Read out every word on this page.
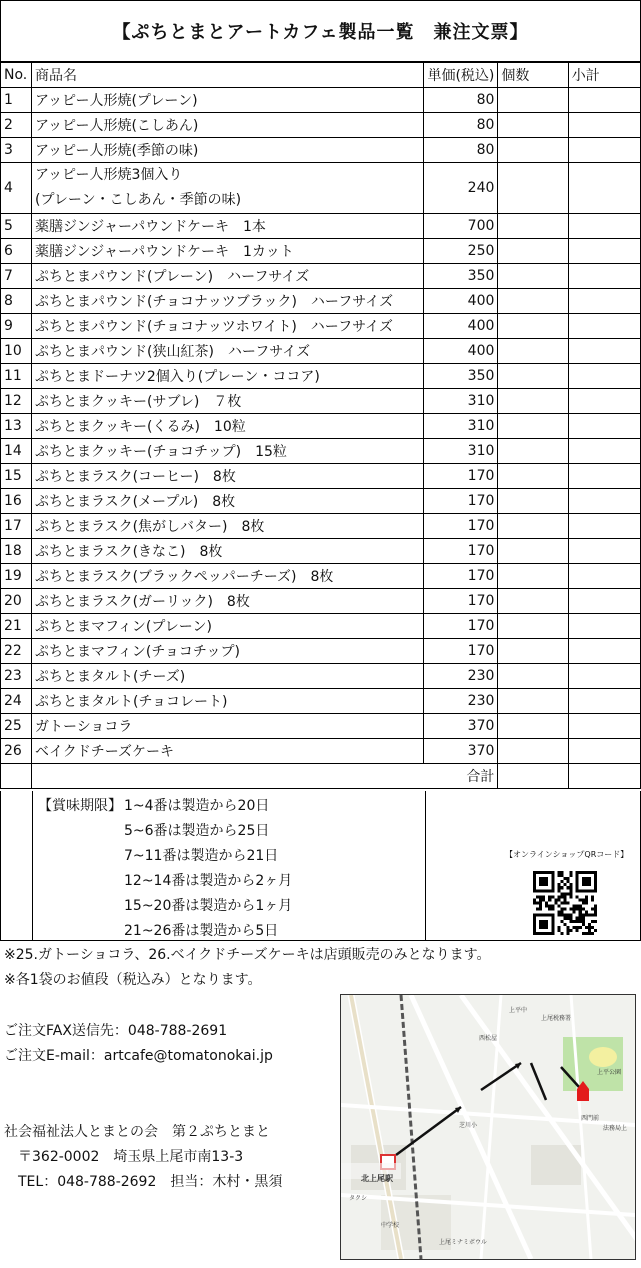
【ぷちとまとアートカフェ製品一覧　兼注文票】
No.	商品名	単価(税込)	個数	小計
1	アッピー人形焼(プレーン)	80		
2	アッピー人形焼(こしあん)	80		
3	アッピー人形焼(季節の味)	80		
4	アッピー人形焼3個入り
(プレーン・こしあん・季節の味)	240		
5	薬膳ジンジャーパウンドケーキ　1本	700		
6	薬膳ジンジャーパウンドケーキ　1カット	250		
7	ぷちとまパウンド(プレーン)　ハーフサイズ	350		
8	ぷちとまパウンド(チョコナッツブラック)　ハーフサイズ	400		
9	ぷちとまパウンド(チョコナッツホワイト)　ハーフサイズ	400		
10	ぷちとまパウンド(狭山紅茶)　ハーフサイズ	400		
11	ぷちとまドーナツ2個入り(プレーン・ココア)	350		
12	ぷちとまクッキー(サブレ)　７枚	310		
13	ぷちとまクッキー(くるみ)　10粒	310		
14	ぷちとまクッキー(チョコチップ)　15粒	310		
15	ぷちとまラスク(コーヒー)　8枚	170		
16	ぷちとまラスク(メープル)　8枚	170		
17	ぷちとまラスク(焦がしバター)　8枚	170		
18	ぷちとまラスク(きなこ)　8枚	170		
19	ぷちとまラスク(ブラックペッパーチーズ)　8枚	170		
20	ぷちとまラスク(ガーリック)　8枚	170		
21	ぷちとまマフィン(プレーン)	170		
22	ぷちとまマフィン(チョコチップ)	170		
23	ぷちとまタルト(チーズ)	230		
24	ぷちとまタルト(チョコレート)	230		
25	ガトーショコラ	370		
26	ベイクドチーズケーキ	370		
	合計			
【賞味期限】 1~4番は製造から20日
5~6番は製造から25日
7~11番は製造から21日
12~14番は製造から2ヶ月
15~20番は製造から1ヶ月
21~26番は製造から5日
【オンラインショップQRコード】
※25.ガトーショコラ、26.ベイクドチーズケーキは店頭販売のみとなります。
※各1袋のお値段（税込み）となります。
ご注文FAX送信先：048-788-2691
ご注文E-mail：artcafe@tomatonokai.jp
社会福祉法人とまとの会　第２ぷちとまと
〒362-0002　埼玉県上尾市南13-3
TEL：048-788-2692　担当：木村・黒須	北上尾駅
上平中
上尾税務署
西松屋
上平公園
西門前
芝川小	法務局上
上尾ミナミボウル
中学校
タクシ
